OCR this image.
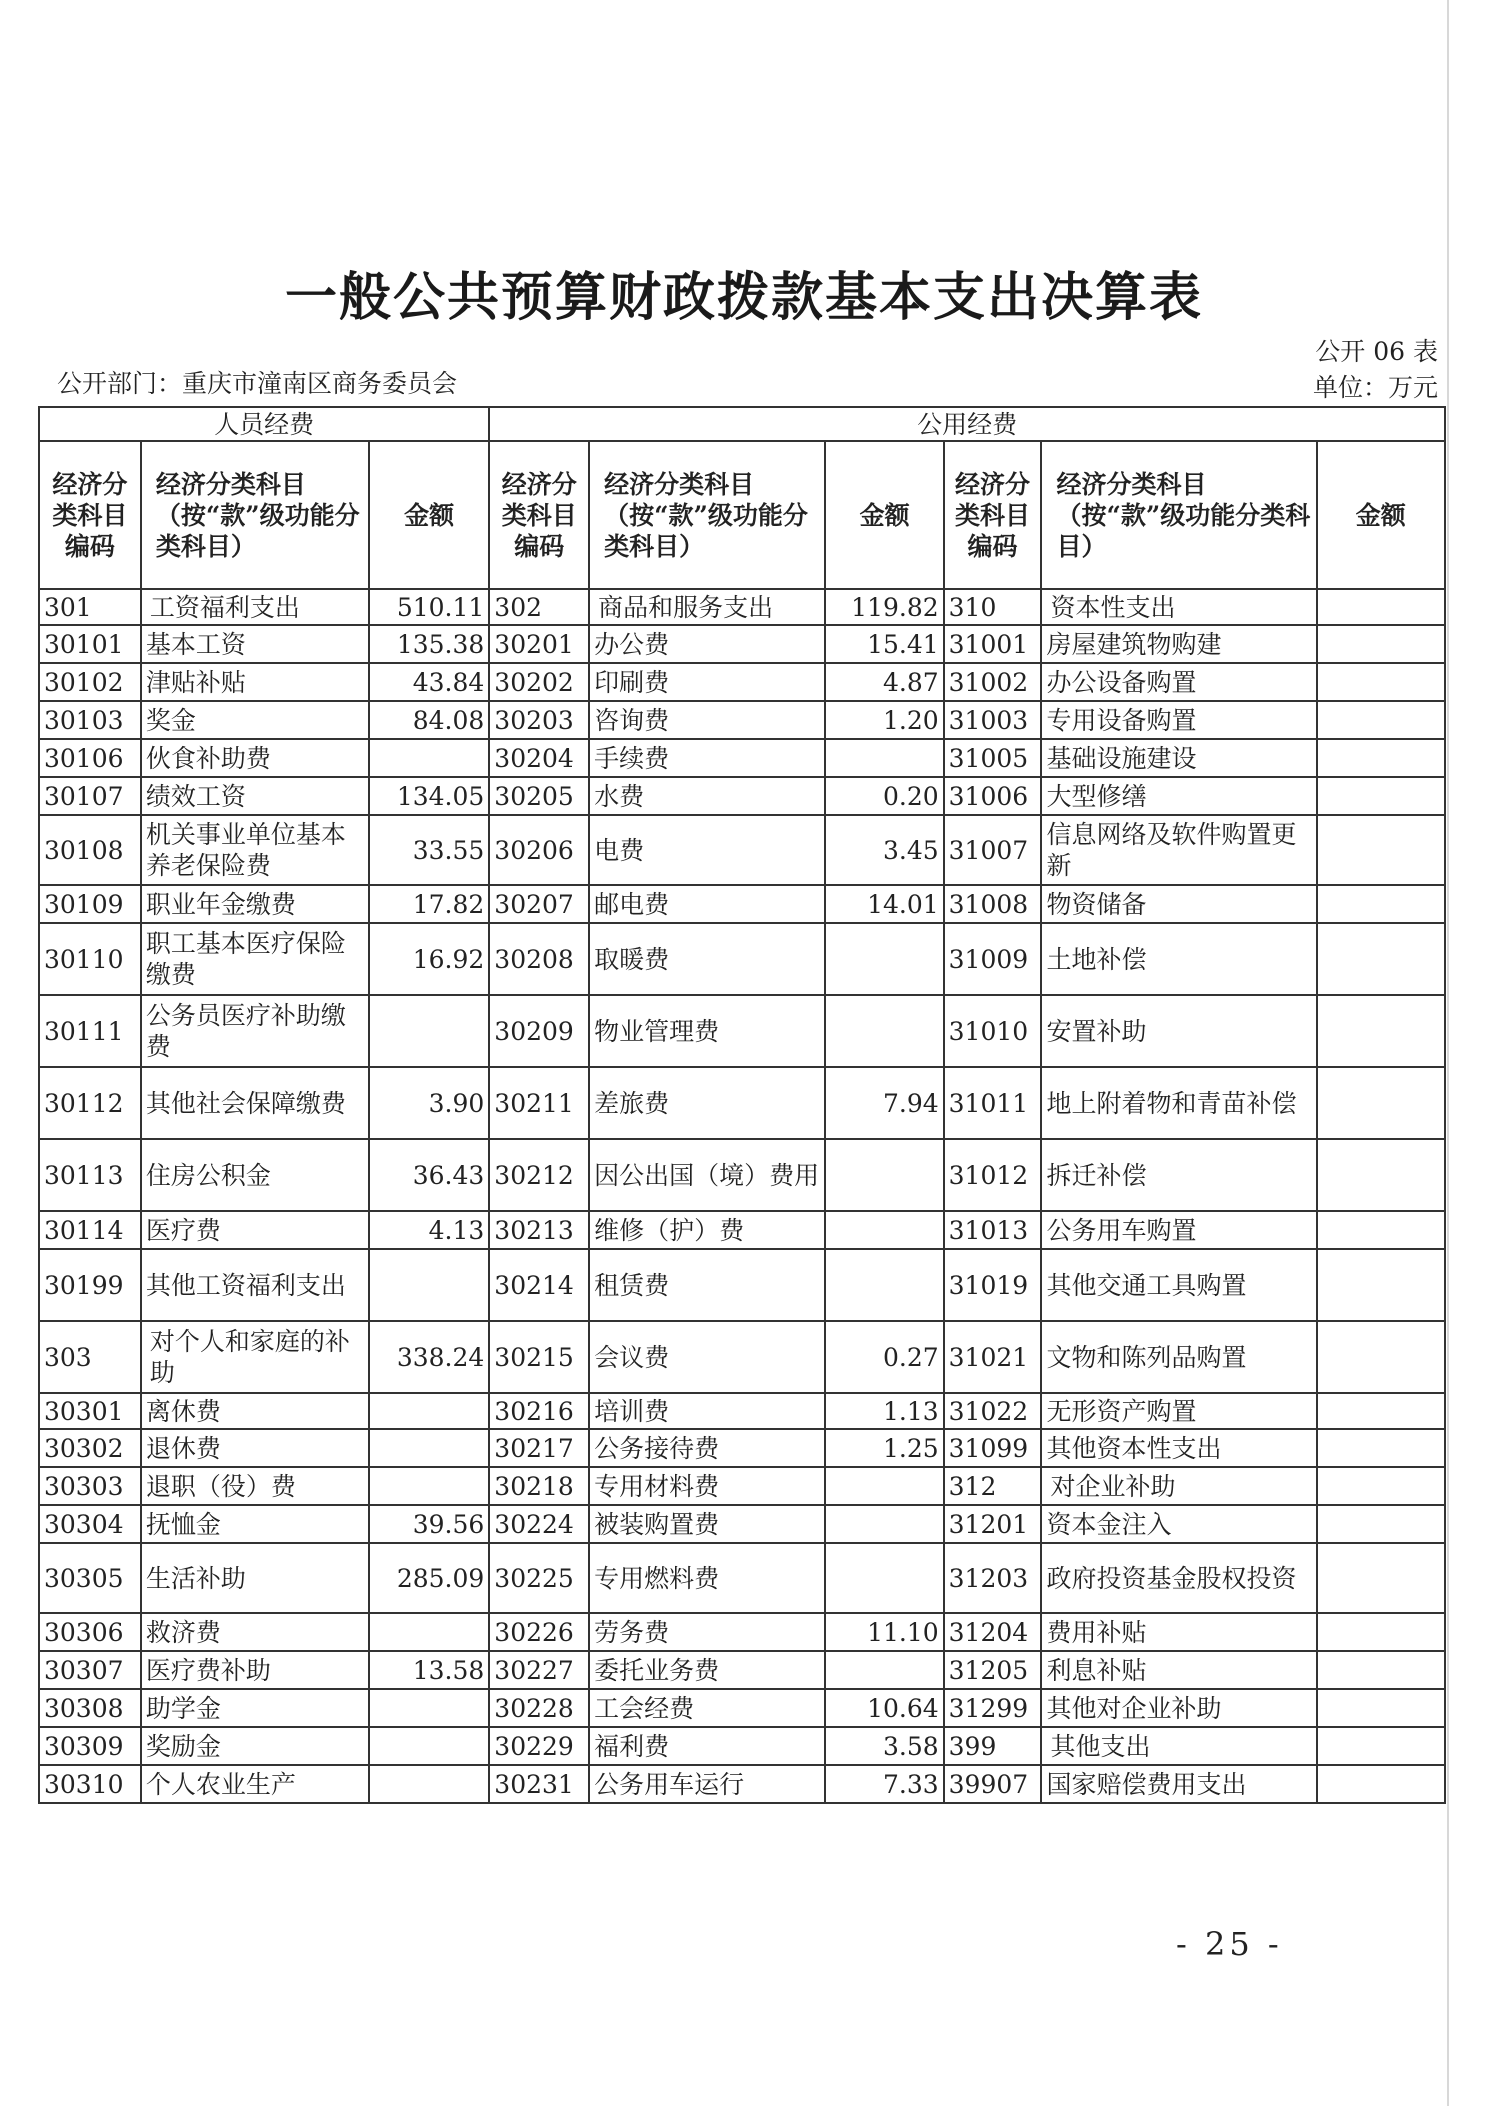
一般公共预算财政拨款基本支出决算表
公开 06 表
公开部门：重庆市潼南区商务委员会	单位：万元
人员经费			公用经费					
经济分类科目编码	经济分类科目（按“款”级功能分类科目）	金额	经济分类科目编码	经济分类科目（按“款”级功能分类科目）	金额	经济分类科目编码	经济分类科目（按“款”级功能分类科目）	金额
301	工资福利支出	510.11	302	商品和服务支出	119.82	310	资本性支出	
30101	基本工资	135.38	30201	办公费	15.41	31001	房屋建筑物购建	
30102	津贴补贴	43.84	30202	印刷费	4.87	31002	办公设备购置	
30103	奖金	84.08	30203	咨询费	1.20	31003	专用设备购置	
30106	伙食补助费		30204	手续费		31005	基础设施建设	
30107	绩效工资	134.05	30205	水费	0.20	31006	大型修缮	
30108	机关事业单位基本养老保险费	33.55	30206	电费	3.45	31007	信息网络及软件购置更新	
30109	职业年金缴费	17.82	30207	邮电费	14.01	31008	物资储备	
30110	职工基本医疗保险缴费	16.92	30208	取暖费		31009	土地补偿	
30111	公务员医疗补助缴费		30209	物业管理费		31010	安置补助	
30112	其他社会保障缴费	3.90	30211	差旅费	7.94	31011	地上附着物和青苗补偿	
30113	住房公积金	36.43	30212	因公出国（境）费用		31012	拆迁补偿	
30114	医疗费	4.13	30213	维修（护）费		31013	公务用车购置	
30199	其他工资福利支出		30214	租赁费		31019	其他交通工具购置	
303	对个人和家庭的补助	338.24	30215	会议费	0.27	31021	文物和陈列品购置	
30301	离休费		30216	培训费	1.13	31022	无形资产购置	
30302	退休费		30217	公务接待费	1.25	31099	其他资本性支出	
30303	退职（役）费		30218	专用材料费		312	对企业补助	
30304	抚恤金	39.56	30224	被装购置费		31201	资本金注入	
30305	生活补助	285.09	30225	专用燃料费		31203	政府投资基金股权投资	
30306	救济费		30226	劳务费	11.10	31204	费用补贴	
30307	医疗费补助	13.58	30227	委托业务费		31205	利息补贴	
30308	助学金		30228	工会经费	10.64	31299	其他对企业补助	
30309	奖励金		30229	福利费	3.58	399	其他支出	
30310	个人农业生产		30231	公务用车运行	7.33	39907	国家赔偿费用支出	
- 25 -
